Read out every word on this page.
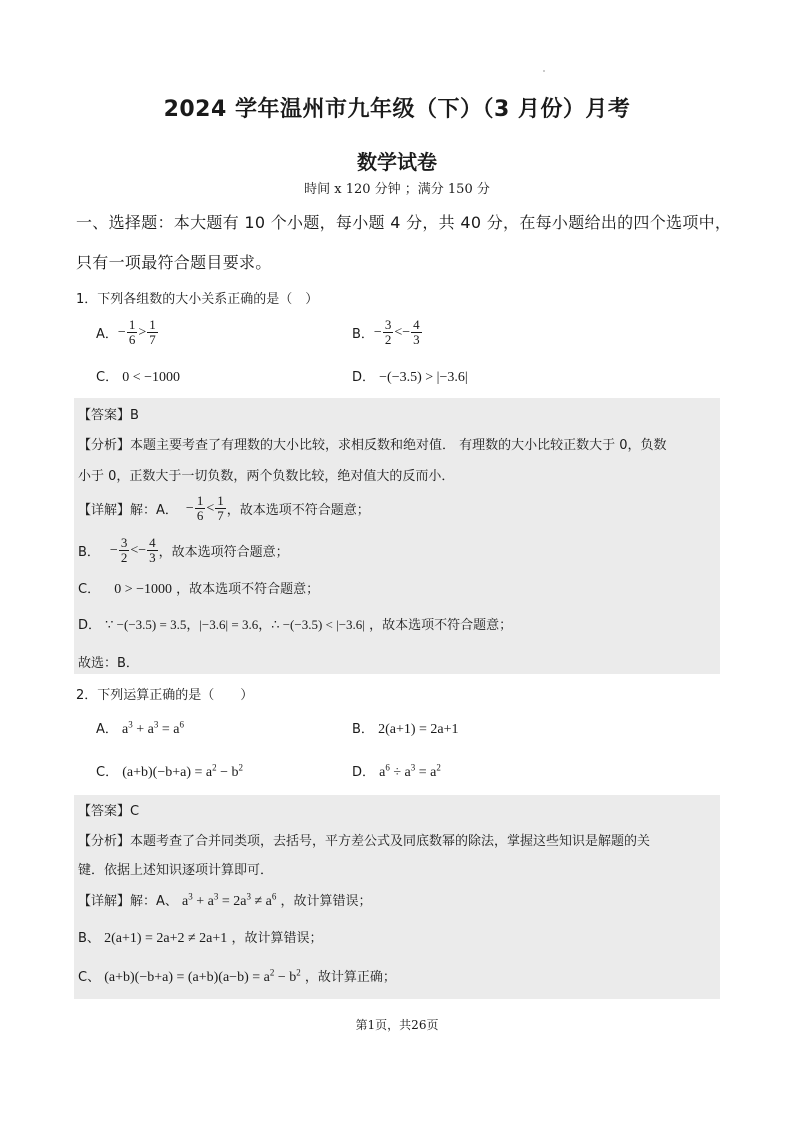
2024 学年温州市九年级（下）（3 月份）月考
数学试卷
時间 x 120 分钟 ；满分 150 分
一、选择题：本大题有 10 个小题，每小题 4 分，共 40 分，在每小题给出的四个选项中，
只有一项最符合题目要求。
1．下列各组数的大小关系正确的是（　）
A． − $\frac{1}{6} > \frac{1}{7}$	B． − $\frac{3}{2}$ < − $\frac{4}{3}$
C． 0 < −1000	D． −(−3.5) > |−3.6|
【答案】B
【分析】本题主要考查了有理数的大小比较，求相反数和绝对值． 有理数的大小比较正数大于 0，负数
小于 0，正数大于一切负数，两个负数比较，绝对值大的反而小．
【详解】解：A． − $\frac{1}{6} < \frac{1}{7}$ ，故本选项不符合题意；
B． − $\frac{3}{2} <- \frac{4}{3}$ ，故本选项符合题意；
C． 0 > −1000 ，故本选项不符合题意；
D． ∵ −(−3.5) = 3.5，|−3.6| = 3.6，∴ −(−3.5) < |−3.6| ，故本选项不符合题意；
故选：B．
2．下列运算正确的是（　　）
A． $a^3 + a^3 = a^6$	B． 2(a+1) = 2a+1
C． $(a+b)(-b+a) = a^2 - b^2$	D． $a^6 \div a^3 = a^2$
【答案】C
【分析】本题考查了合并同类项，去括号，平方差公式及同底数幂的除法，掌握这些知识是解题的关
键．依据上述知识逐项计算即可．
【详解】解：A、 $a^3 + a^3 = 2a^3 \ne a^6$ ，故计算错误；
B、 2(a+1) = 2a+2 ≠ 2a+1 ，故计算错误；
C、 $(a+b)(-b+a) = (a+b)(a-b) = a^2 - b^2$ ，故计算正确；
第1页，共26页
